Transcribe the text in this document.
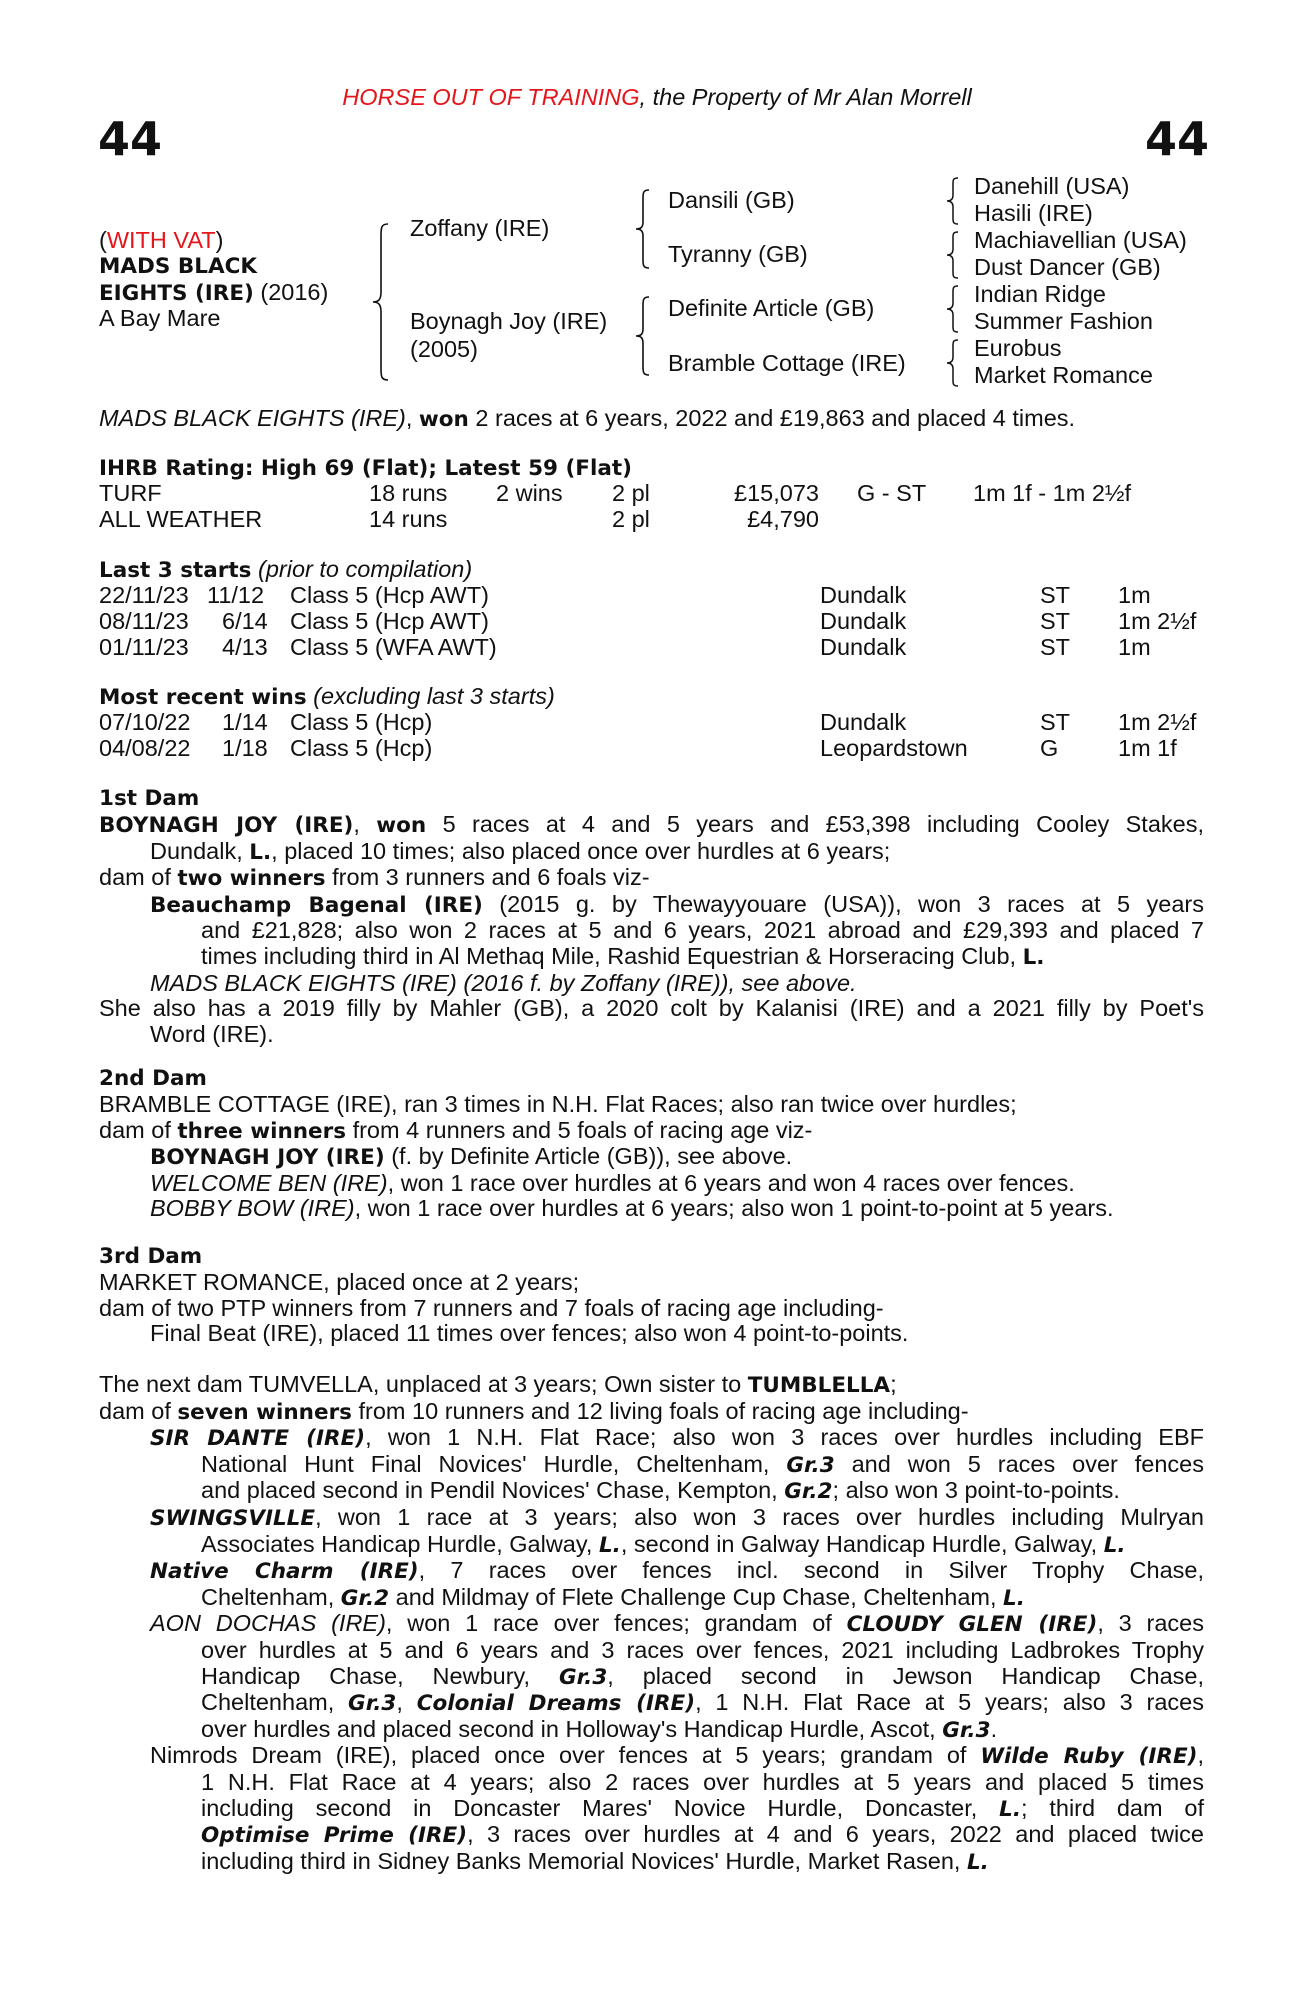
HORSE OUT OF TRAINING, the Property of Mr Alan Morrell
44	44
(WITH VAT)
MADS BLACK
EIGHTS (IRE) (2016)
A Bay Mare
Zoffany (IRE)
Boynagh Joy (IRE)
(2005)
Dansili (GB)
Tyranny (GB)
Definite Article (GB)
Bramble Cottage (IRE)
Danehill (USA)
Hasili (IRE)
Machiavellian (USA)
Dust Dancer (GB)
Indian Ridge
Summer Fashion
Eurobus
Market Romance
MADS BLACK EIGHTS (IRE), won 2 races at 6 years, 2022 and £19,863 and placed 4 times.
IHRB Rating: High 69 (Flat); Latest 59 (Flat)
TURF	18 runs 2 wins 2 pl	£15,073 G - ST 1m 1f - 1m 2½f
ALL WEATHER	14 runs	2 pl	£4,790
Last 3 starts (prior to compilation)
22/11/23 11/12 Class 5 (Hcp AWT)	Dundalk	ST 1m
08/11/23 6/14 Class 5 (Hcp AWT)	Dundalk	ST 1m 2½f
01/11/23 4/13 Class 5 (WFA AWT)	Dundalk	ST 1m
Most recent wins (excluding last 3 starts)
07/10/22 1/14 Class 5 (Hcp)	Dundalk	ST 1m 2½f
04/08/22 1/18 Class 5 (Hcp)	Leopardstown	G	1m 1f
1st Dam
BOYNAGH JOY (IRE), won 5 races at 4 and 5 years and £53,398 including Cooley Stakes,
Dundalk, L., placed 10 times; also placed once over hurdles at 6 years;
dam of two winners from 3 runners and 6 foals viz-
Beauchamp Bagenal (IRE) (2015 g. by Thewayyouare (USA)), won 3 races at 5 years
and £21,828; also won 2 races at 5 and 6 years, 2021 abroad and £29,393 and placed 7
times including third in Al Methaq Mile, Rashid Equestrian & Horseracing Club, L.
MADS BLACK EIGHTS (IRE) (2016 f. by Zoffany (IRE)), see above.
She also has a 2019 filly by Mahler (GB), a 2020 colt by Kalanisi (IRE) and a 2021 filly by Poet's
Word (IRE).
2nd Dam
BRAMBLE COTTAGE (IRE), ran 3 times in N.H. Flat Races; also ran twice over hurdles;
dam of three winners from 4 runners and 5 foals of racing age viz-
BOYNAGH JOY (IRE) (f. by Definite Article (GB)), see above.
WELCOME BEN (IRE), won 1 race over hurdles at 6 years and won 4 races over fences.
BOBBY BOW (IRE), won 1 race over hurdles at 6 years; also won 1 point-to-point at 5 years.
3rd Dam
MARKET ROMANCE, placed once at 2 years;
dam of two PTP winners from 7 runners and 7 foals of racing age including-
Final Beat (IRE), placed 11 times over fences; also won 4 point-to-points.
The next dam TUMVELLA, unplaced at 3 years; Own sister to TUMBLELLA;
dam of seven winners from 10 runners and 12 living foals of racing age including-
SIR DANTE (IRE), won 1 N.H. Flat Race; also won 3 races over hurdles including EBF
National Hunt Final Novices' Hurdle, Cheltenham, Gr.3 and won 5 races over fences
and placed second in Pendil Novices' Chase, Kempton, Gr.2; also won 3 point-to-points.
SWINGSVILLE, won 1 race at 3 years; also won 3 races over hurdles including Mulryan
Associates Handicap Hurdle, Galway, L., second in Galway Handicap Hurdle, Galway, L.
Native Charm (IRE), 7 races over fences incl. second in Silver Trophy Chase,
Cheltenham, Gr.2 and Mildmay of Flete Challenge Cup Chase, Cheltenham, L.
AON DOCHAS (IRE), won 1 race over fences; grandam of CLOUDY GLEN (IRE), 3 races
over hurdles at 5 and 6 years and 3 races over fences, 2021 including Ladbrokes Trophy
Handicap Chase, Newbury, Gr.3, placed second in Jewson Handicap Chase,
Cheltenham, Gr.3, Colonial Dreams (IRE), 1 N.H. Flat Race at 5 years; also 3 races
over hurdles and placed second in Holloway's Handicap Hurdle, Ascot, Gr.3.
Nimrods Dream (IRE), placed once over fences at 5 years; grandam of Wilde Ruby (IRE),
1 N.H. Flat Race at 4 years; also 2 races over hurdles at 5 years and placed 5 times
including second in Doncaster Mares' Novice Hurdle, Doncaster, L.; third dam of
Optimise Prime (IRE), 3 races over hurdles at 4 and 6 years, 2022 and placed twice
including third in Sidney Banks Memorial Novices' Hurdle, Market Rasen, L.
